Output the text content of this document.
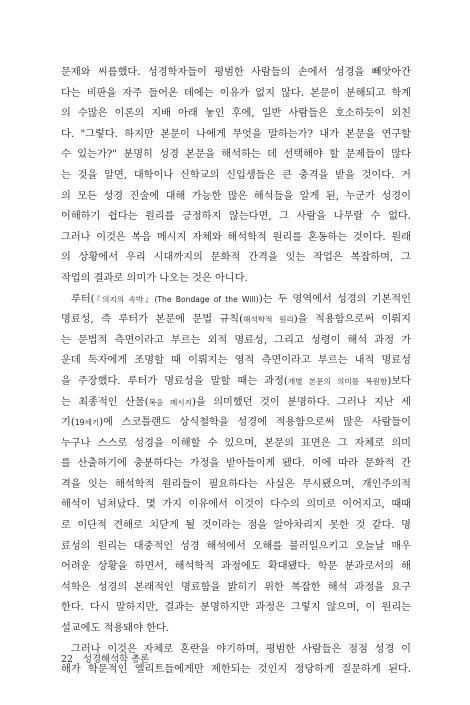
문제와 씨름했다. 성경학자들이 평범한 사람들의 손에서 성경을 빼앗아간
다는 비판을 자주 들어온 데에는 이유가 없지 않다. 본문이 분해되고 학계
의 수많은 이론의 지배 아래 놓인 후에, 일반 사람들은 호소하듯이 외친
다. "그렇다. 하지만 본문이 나에게 무엇을 말하는가? 내가 본문을 연구할
수 있는가?" 분명히 성경 본문을 해석하는 데 선택해야 할 문제들이 많다
는 것을 알면, 대학이나 신학교의 신입생들은 큰 충격을 받을 것이다. 거
의 모든 성경 진술에 대해 가능한 많은 해석들을 알게 된, 누군가 성경이
이해하기 쉽다는 원리를 긍정하지 않는다면, 그 사람을 나무랄 수 없다.
그러나 이것은 복음 메시지 자체와 해석학적 원리를 혼동하는 것이다. 원래
의 상황에서 우리 시대까지의 문화적 간격을 잇는 작업은 복잡하며, 그
작업의 결과로 의미가 나오는 것은 아니다.
루터(『의지의 속박』(The Bondage of the Will))는 두 영역에서 성경의 기본적인
명료성, 즉 루터가 본문에 문법 규칙(해석학적 원리)을 적용함으로써 이뤄지
는 문법적 측면이라고 부르는 외적 명료성, 그리고 성령이 해석 과정 가
운데 독자에게 조명할 때 이뤄지는 영적 측면이라고 부르는 내적 명료성
을 주장했다. 루터가 명료성을 말할 때는 과정(개별 본문의 의미를 복원함)보다
는 최종적인 산물(복음 메시지)을 의미했던 것이 분명하다. 그러나 지난 세
기(19세기)에 스코틀랜드 상식철학을 성경에 적용함으로써 많은 사람들이
누구나 스스로 성경을 이해할 수 있으며, 본문의 표면은 그 자체로 의미
를 산출하기에 충분하다는 가정을 받아들이게 됐다. 이에 따라 문화적 간
격을 잇는 해석학적 원리들이 필요하다는 사실은 무시됐으며, 개인주의적
해석이 넘쳐났다. 몇 가지 이유에서 이것이 다수의 의미로 이어지고, 때때
로 이단적 견해로 치닫게 될 것이라는 점을 알아차리지 못한 것 같다. 명
료성의 원리는 대중적인 성경 해석에서 오해를 불러일으키고 오늘날 매우
어려운 상황을 하면서, 해석학적 과정에도 확대됐다. 학문 분과로서의 해
석학은 성경의 본래적인 명료함을 밝히기 위한 복잡한 해석 과정을 요구
한다. 다시 말하지만, 결과는 분명하지만 과정은 그렇지 않으며, 이 원리는
설교에도 적용돼야 한다.
그러나 이것은 자체로 혼란을 야기하며, 평범한 사람들은 점점 성경 이
해가 학문적인 엘리트들에게만 제한되는 것인지 정당하게 질문하게 된다.
22 성경해석학 총론
